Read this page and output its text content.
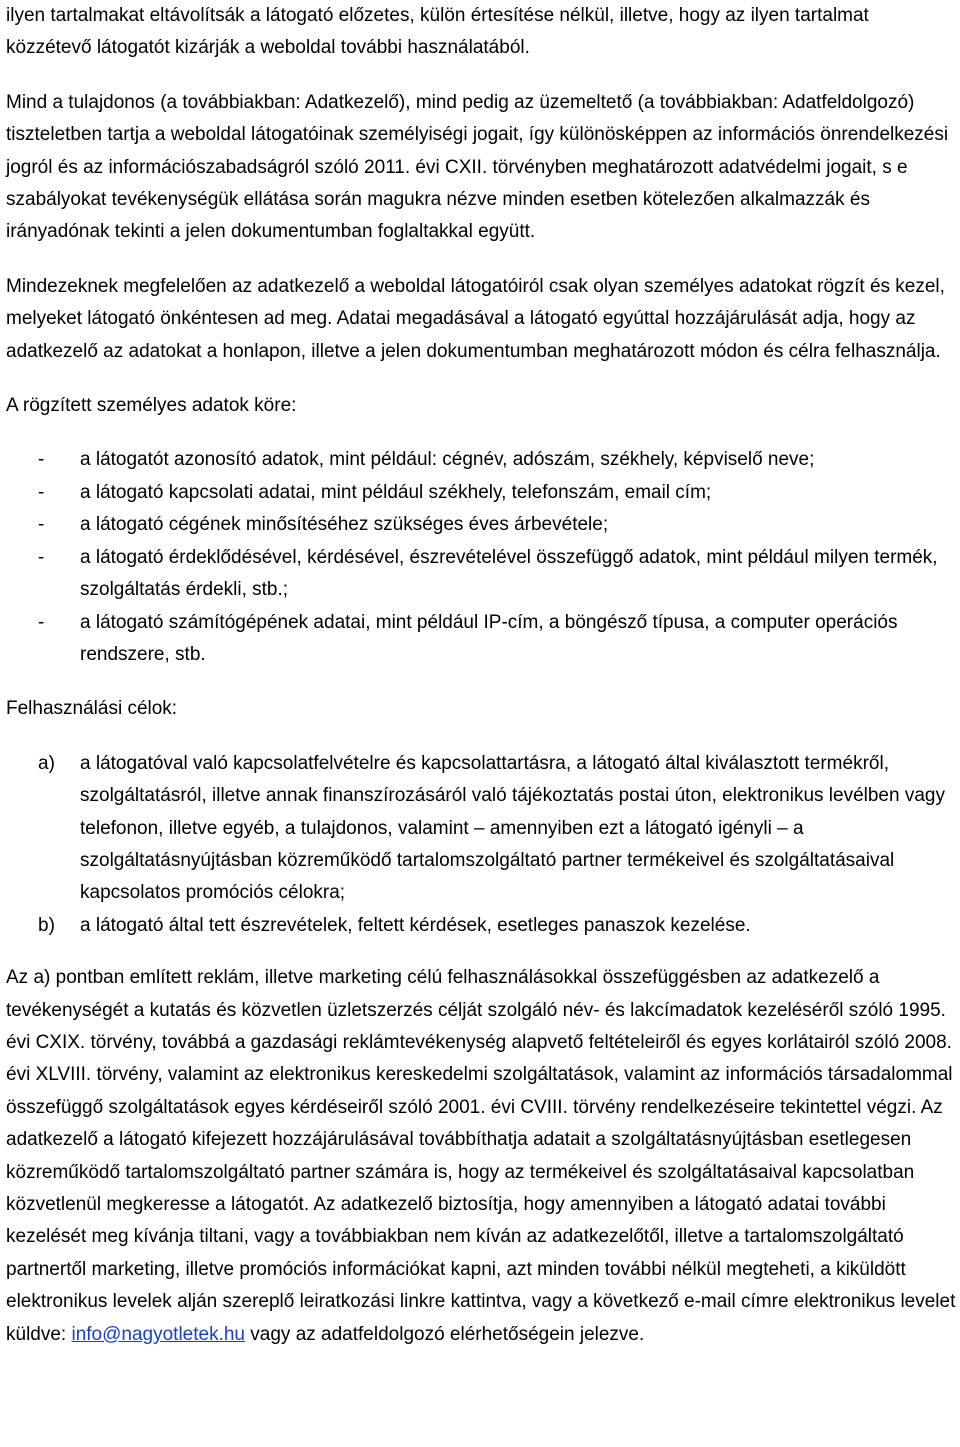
ilyen tartalmakat eltávolítsák a látogató előzetes, külön értesítése nélkül, illetve, hogy az ilyen tartalmat közzétevő látogatót kizárják a weboldal további használatából.

Mind a tulajdonos (a továbbiakban: Adatkezelő), mind pedig az üzemeltető (a továbbiakban: Adatfeldolgozó) tiszteletben tartja a weboldal látogatóinak személyiségi jogait, így különösképpen az információs önrendelkezési jogról és az információszabadságról szóló 2011. évi CXII. törvényben meghatározott adatvédelmi jogait, s e szabályokat tevékenységük ellátása során magukra nézve minden esetben kötelezően alkalmazzák és irányadónak tekinti a jelen dokumentumban foglaltakkal együtt.

Mindezeknek megfelelően az adatkezelő a weboldal látogatóiról csak olyan személyes adatokat rögzít és kezel, melyeket látogató önkéntesen ad meg. Adatai megadásával a látogató egyúttal hozzájárulását adja, hogy az adatkezelő az adatokat a honlapon, illetve a jelen dokumentumban meghatározott módon és célra felhasználja.

A rögzített személyes adatok köre:

- a látogatót azonosító adatok, mint például: cégnév, adószám, székhely, képviselő neve;
- a látogató kapcsolati adatai, mint például székhely, telefonszám, email cím;
- a látogató cégének minősítéséhez szükséges éves árbevétele;
- a látogató érdeklődésével, kérdésével, észrevételével összefüggő adatok, mint például milyen termék, szolgáltatás érdekli, stb.;
- a látogató számítógépének adatai, mint például IP-cím, a böngésző típusa, a computer operációs rendszere, stb.

Felhasználási célok:

a) a látogatóval való kapcsolatfelvételre és kapcsolattartásra, a látogató által kiválasztott termékről, szolgáltatásról, illetve annak finanszírozásáról való tájékoztatás postai úton, elektronikus levélben vagy telefonon, illetve egyéb, a tulajdonos, valamint – amennyiben ezt a látogató igényli – a szolgáltatásnyújtásban közreműködő tartalomszolgáltató partner termékeivel és szolgáltatásaival kapcsolatos promóciós célokra;
b) a látogató által tett észrevételek, feltett kérdések, esetleges panaszok kezelése.

Az a) pontban említett reklám, illetve marketing célú felhasználásokkal összefüggésben az adatkezelő a tevékenységét a kutatás és közvetlen üzletszerzés célját szolgáló név- és lakcímadatok kezeléséről szóló 1995. évi CXIX. törvény, továbbá a gazdasági reklámtevékenység alapvető feltételeiről és egyes korlátairól szóló 2008. évi XLVIII. törvény, valamint az elektronikus kereskedelmi szolgáltatások, valamint az információs társadalommal összefüggő szolgáltatások egyes kérdéseiről szóló 2001. évi CVIII. törvény rendelkezéseire tekintettel végzi. Az adatkezelő a látogató kifejezett hozzájárulásával továbbíthatja adatait a szolgáltatásnyújtásban esetlegesen közreműködő tartalomszolgáltató partner számára is, hogy az termékeivel és szolgáltatásaival kapcsolatban közvetlenül megkeresse a látogatót. Az adatkezelő biztosítja, hogy amennyiben a látogató adatai további kezelését meg kívánja tiltani, vagy a továbbiakban nem kíván az adatkezelőtől, illetve a tartalomszolgáltató partnertől marketing, illetve promóciós információkat kapni, azt minden további nélkül megteheti, a kiküldött elektronikus levelek alján szereplő leiratkozási linkre kattintva, vagy a következő e-mail címre elektronikus levelet küldve: info@nagyotletek.hu vagy az adatfeldolgozó elérhetőségein jelezve.
